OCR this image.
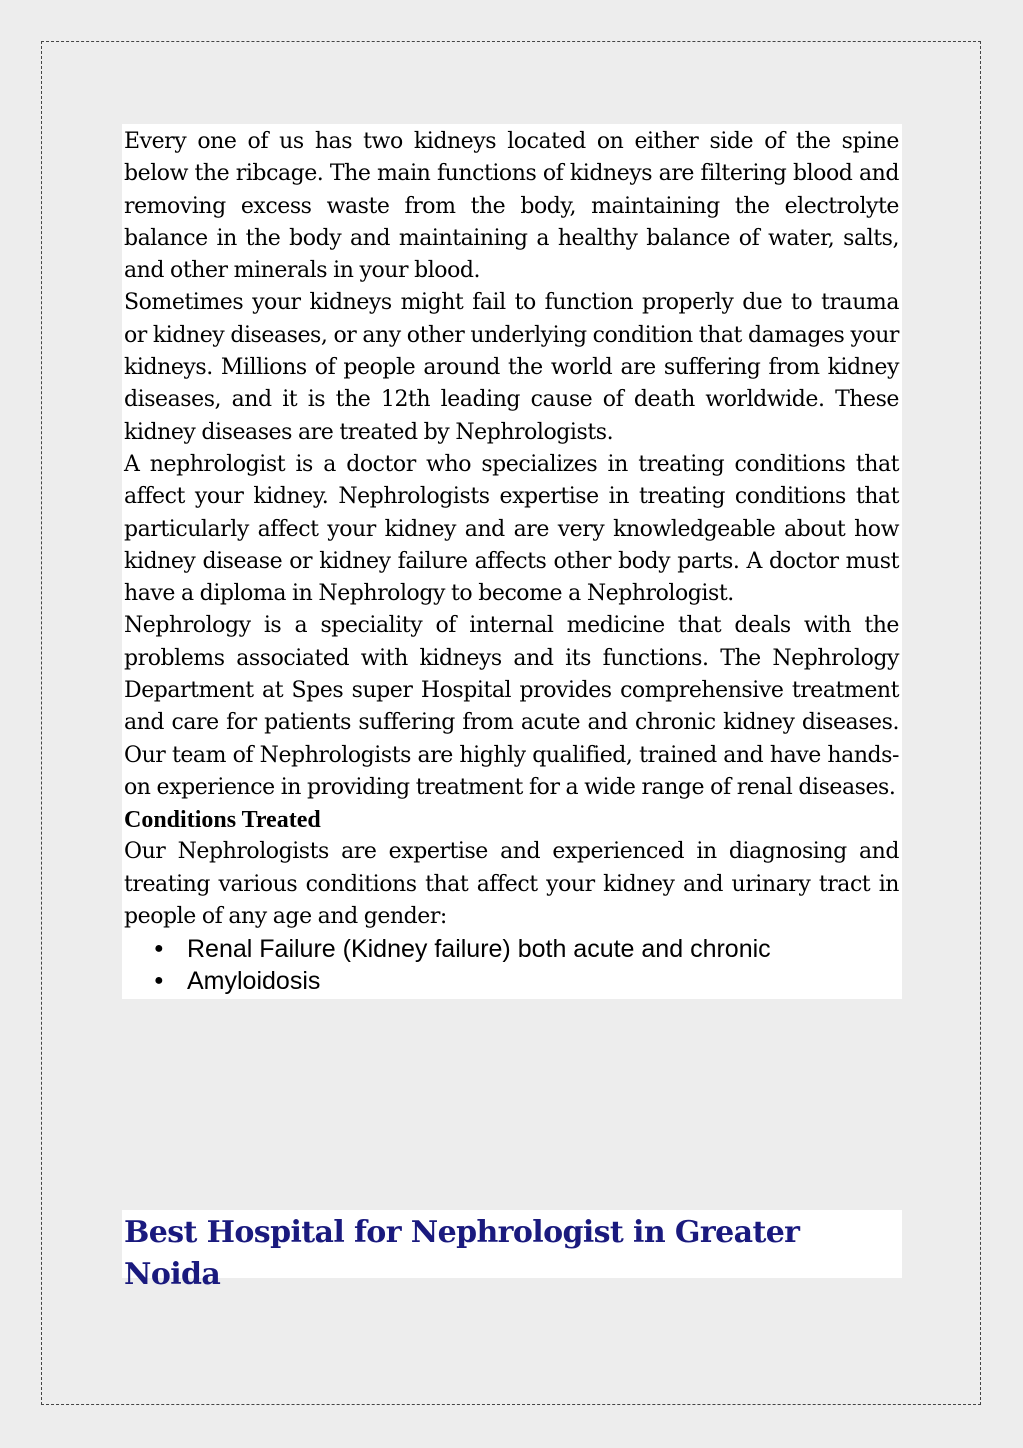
Every one of us has two kidneys located on either side of the spine below the ribcage. The main functions of kidneys are filtering blood and removing excess waste from the body, maintaining the electrolyte balance in the body and maintaining a healthy balance of water, salts, and other minerals in your blood.

Sometimes your kidneys might fail to function properly due to trauma or kidney diseases, or any other underlying condition that damages your kidneys. Millions of people around the world are suffering from kidney diseases, and it is the 12th leading cause of death worldwide. These kidney diseases are treated by Nephrologists.

A nephrologist is a doctor who specializes in treating conditions that affect your kidney. Nephrologists expertise in treating conditions that particularly affect your kidney and are very knowledgeable about how kidney disease or kidney failure affects other body parts. A doctor must have a diploma in Nephrology to become a Nephrologist.

Nephrology is a speciality of internal medicine that deals with the problems associated with kidneys and its functions. The Nephrology Department at Spes super Hospital provides comprehensive treatment and care for patients suffering from acute and chronic kidney diseases. Our team of Nephrologists are highly qualified, trained and have hands-on experience in providing treatment for a wide range of renal diseases.

Conditions Treated

Our Nephrologists are expertise and experienced in diagnosing and treating various conditions that affect your kidney and urinary tract in people of any age and gender:

● Renal Failure (Kidney failure) both acute and chronic
● Amyloidosis
Best Hospital for Nephrologist in Greater Noida
